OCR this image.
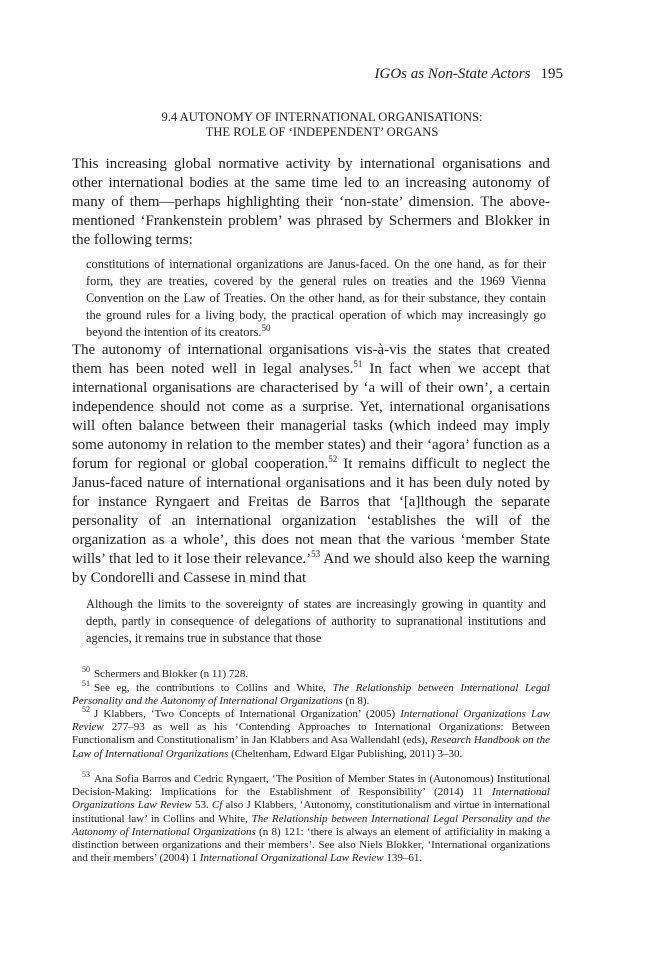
IGOs as Non-State Actors 195
9.4 AUTONOMY OF INTERNATIONAL ORGANISATIONS:
THE ROLE OF ‘INDEPENDENT’ ORGANS

This increasing global normative activity by international organisations and other international bodies at the same time led to an increasing autonomy of many of them—perhaps highlighting their ‘non-state’ dimension. The above-mentioned ‘Frankenstein problem’ was phrased by Schermers and Blokker in the following terms:

constitutions of international organizations are Janus-faced. On the one hand, as for their form, they are treaties, covered by the general rules on treaties and the 1969 Vienna Convention on the Law of Treaties. On the other hand, as for their substance, they contain the ground rules for a living body, the practical operation of which may increasingly go beyond the intention of its creators.$^{50}$

The autonomy of international organisations vis-à-vis the states that created them has been noted well in legal analyses.$^{51}$ In fact when we accept that international organisations are characterised by ‘a will of their own’, a certain independence should not come as a surprise. Yet, international organisations will often balance between their managerial tasks (which indeed may imply some autonomy in relation to the member states) and their ‘agora’ function as a forum for regional or global cooperation.$^{52}$ It remains difficult to neglect the Janus-faced nature of international organisations and it has been duly noted by for instance Ryngaert and Freitas de Barros that ‘[a]lthough the separate personality of an international organization ‘establishes the will of the organization as a whole’, this does not mean that the various ‘member State wills’ that led to it lose their relevance.’$^{53}$ And we should also keep the warning by Condorelli and Cassese in mind that

Although the limits to the sovereignty of states are increasingly growing in quantity and depth, partly in consequence of delegations of authority to supranational institutions and agencies, it remains true in substance that those

$^{50}$ Schermers and Blokker (n 11) 728.

$^{51}$ See eg, the contributions to Collins and White, The Relationship between International Legal Personality and the Autonomy of International Organizations (n 8).

$^{52}$ J Klabbers, ‘Two Concepts of International Organization’ (2005) International Organizations Law Review 277–93 as well as his ‘Contending Approaches to International Organizations: Between Functionalism and Constitutionalism’ in Jan Klabbers and Asa Wallendahl (eds), Research Handbook on the Law of International Organizations (Cheltenham, Edward Elgar Publishing, 2011) 3–30.

$^{53}$ Ana Sofia Barros and Cedric Ryngaert, ‘The Position of Member States in (Autonomous) Institutional Decision-Making: Implications for the Establishment of Responsibility’ (2014) 11 International Organizations Law Review 53. Cf also J Klabbers, ‘Autonomy, constitutionalism and virtue in international institutional law’ in Collins and White, The Relationship between International Legal Personality and the Autonomy of International Organizations (n 8) 121: ‘there is always an element of artificiality in making a distinction between organizations and their members’. See also Niels Blokker, ‘International organizations and their members’ (2004) 1 International Organizational Law Review 139–61.
